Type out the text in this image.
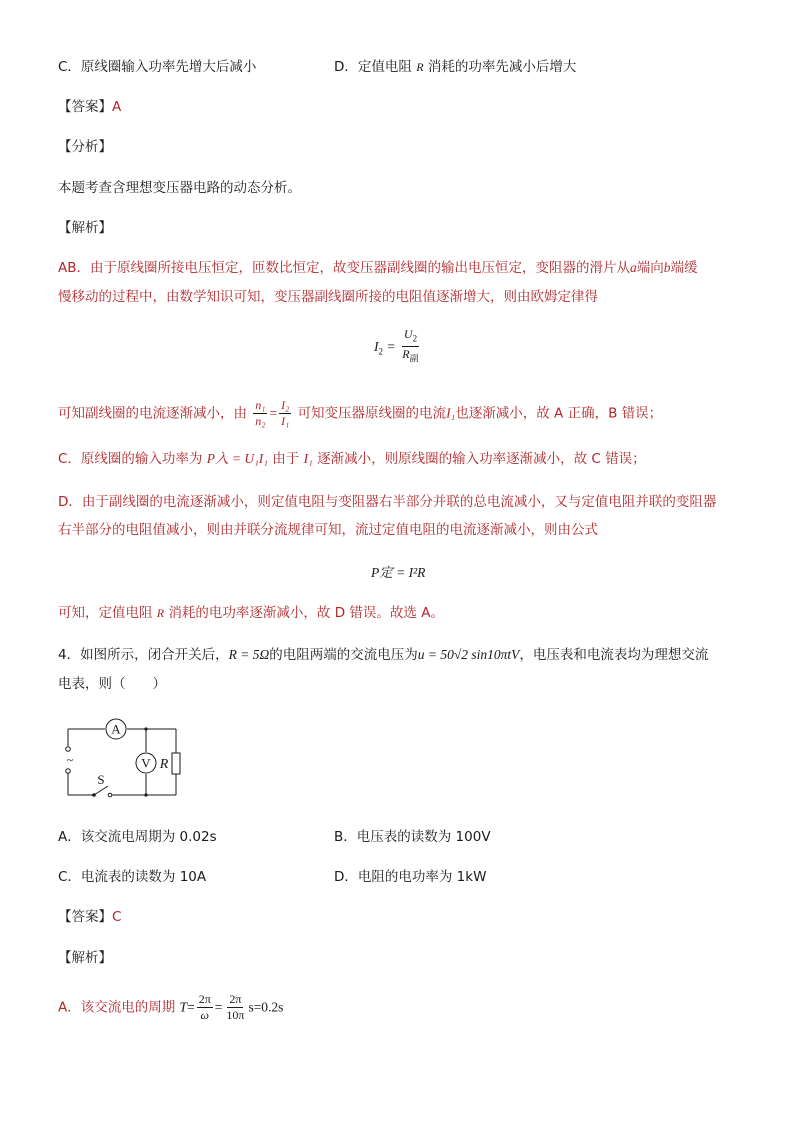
C．原线圈输入功率先增大后减小	D．定值电阻 R 消耗的功率先减小后增大
【答案】A
【分析】
本题考查含理想变压器电路的动态分析。
【解析】
AB．由于原线圈所接电压恒定，匝数比恒定，故变压器副线圈的输出电压恒定，变阻器的滑片从a端向b端缓
慢移动的过程中，由数学知识可知，变压器副线圈所接的电阻值逐渐增大，则由欧姆定律得
$I_2 = \frac{U_2}{R_副}$
可知副线圈的电流逐渐减小，由 $\frac{\text{n₁}}{\text{n₂}} = \frac{\text{I₂}}{\text{I₁}}$ 可知变压器原线圈的电流I₁也逐渐减小，故 A 正确，B 错误；
C．原线圈的输入功率为 P入 = U₁I₁ 由于 I₁ 逐渐减小，则原线圈的输入功率逐渐减小，故 C 错误；
D．由于副线圈的电流逐渐减小，则定值电阻与变阻器右半部分并联的总电流减小，又与定值电阻并联的变阻器
右半部分的电阻值减小，则由并联分流规律可知，流过定值电阻的电流逐渐减小，则由公式
P定 = I²R
可知，定值电阻 R 消耗的电功率逐渐减小，故 D 错误。故选 A。
4．如图所示，闭合开关后，R = 5Ω的电阻两端的交流电压为u = 50√2 sin10πtV，电压表和电流表均为理想交流
电表，则（　　）
A
V R
S
~
A．该交流电周期为 0.02s	B．电压表的读数为 100V
C．电流表的读数为 10A	D．电阻的电功率为 1kW
【答案】C
【解析】
A．该交流电的周期 $T= \frac{2\pi}{\omega} = \frac{2\pi}{10\pi} s=0.2s$
